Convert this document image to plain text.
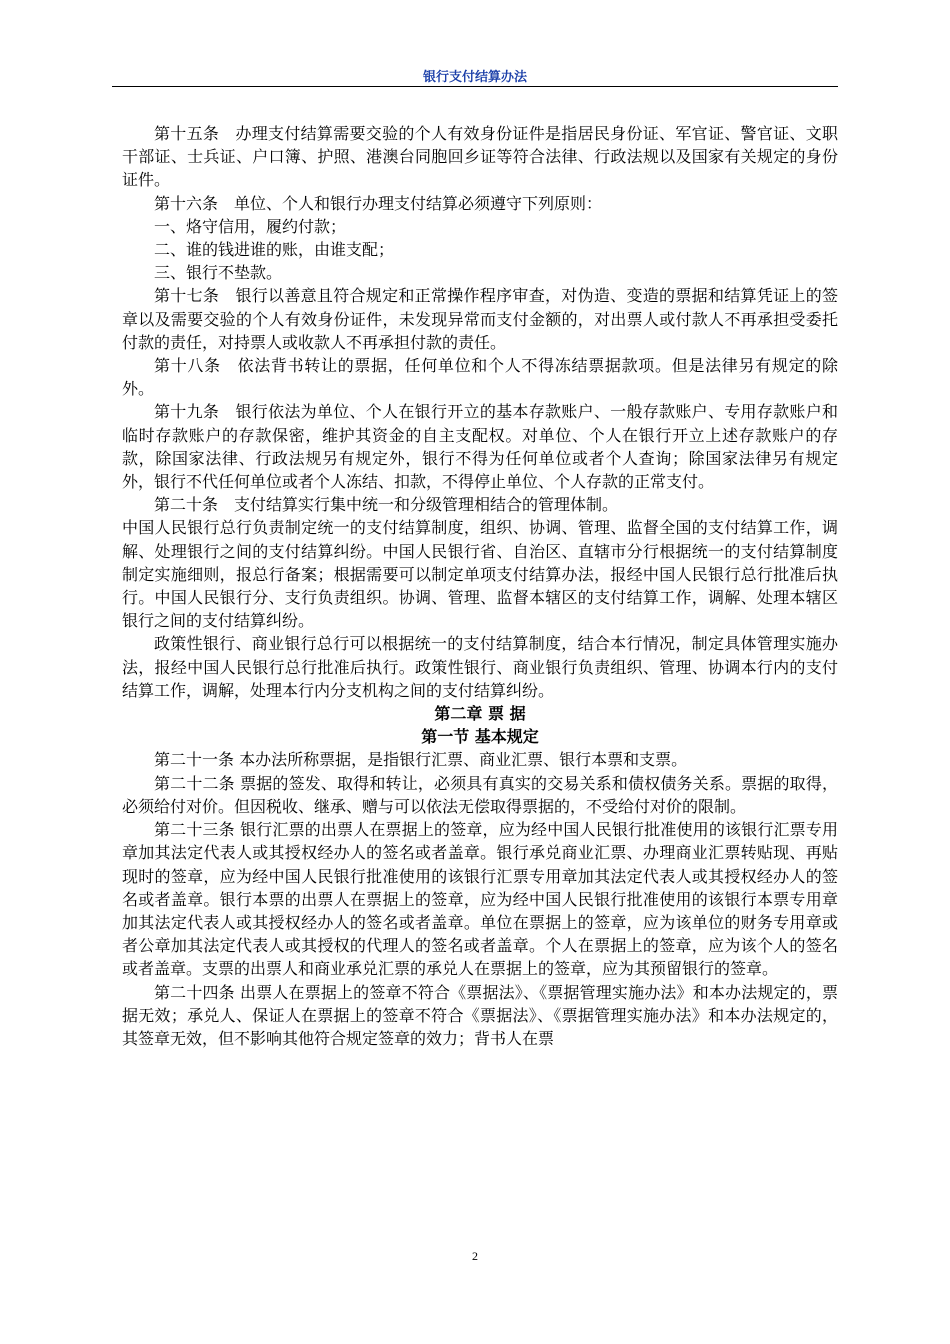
银行支付结算办法

第十五条　办理支付结算需要交验的个人有效身份证件是指居民身份证、军官证、警官证、文职干部证、士兵证、户口簿、护照、港澳台同胞回乡证等符合法律、行政法规以及国家有关规定的身份证件。

第十六条　单位、个人和银行办理支付结算必须遵守下列原则：

一、烙守信用，履约付款；

二、谁的钱进谁的账，由谁支配；

三、银行不垫款。

第十七条　银行以善意且符合规定和正常操作程序审查，对伪造、变造的票据和结算凭证上的签章以及需要交验的个人有效身份证件，未发现异常而支付金额的，对出票人或付款人不再承担受委托付款的责任，对持票人或收款人不再承担付款的责任。

第十八条　依法背书转让的票据，任何单位和个人不得冻结票据款项。但是法律另有规定的除外。

第十九条　银行依法为单位、个人在银行开立的基本存款账户、一般存款账户、专用存款账户和临时存款账户的存款保密，维护其资金的自主支配权。对单位、个人在银行开立上述存款账户的存款，除国家法律、行政法规另有规定外，银行不得为任何单位或者个人查询；除国家法律另有规定外，银行不代任何单位或者个人冻结、扣款，不得停止单位、个人存款的正常支付。

第二十条　支付结算实行集中统一和分级管理相结合的管理体制。

中国人民银行总行负责制定统一的支付结算制度，组织、协调、管理、监督全国的支付结算工作，调解、处理银行之间的支付结算纠纷。中国人民银行省、自治区、直辖市分行根据统一的支付结算制度制定实施细则，报总行备案；根据需要可以制定单项支付结算办法，报经中国人民银行总行批准后执行。中国人民银行分、支行负责组织。协调、管理、监督本辖区的支付结算工作，调解、处理本辖区银行之间的支付结算纠纷。

政策性银行、商业银行总行可以根据统一的支付结算制度，结合本行情况，制定具体管理实施办法，报经中国人民银行总行批准后执行。政策性银行、商业银行负责组织、管理、协调本行内的支付结算工作，调解，处理本行内分支机构之间的支付结算纠纷。

第二章 票 据

第一节 基本规定

第二十一条 本办法所称票据，是指银行汇票、商业汇票、银行本票和支票。

第二十二条 票据的签发、取得和转让，必须具有真实的交易关系和债权债务关系。票据的取得，必须给付对价。但因税收、继承、赠与可以依法无偿取得票据的，不受给付对价的限制。

第二十三条 银行汇票的出票人在票据上的签章，应为经中国人民银行批准使用的该银行汇票专用章加其法定代表人或其授权经办人的签名或者盖章。银行承兑商业汇票、办理商业汇票转贴现、再贴现时的签章，应为经中国人民银行批准使用的该银行汇票专用章加其法定代表人或其授权经办人的签名或者盖章。银行本票的出票人在票据上的签章，应为经中国人民银行批准使用的该银行本票专用章加其法定代表人或其授权经办人的签名或者盖章。单位在票据上的签章，应为该单位的财务专用章或者公章加其法定代表人或其授权的代理人的签名或者盖章。个人在票据上的签章，应为该个人的签名或者盖章。支票的出票人和商业承兑汇票的承兑人在票据上的签章，应为其预留银行的签章。

第二十四条 出票人在票据上的签章不符合《票据法》、《票据管理实施办法》和本办法规定的，票据无效；承兑人、保证人在票据上的签章不符合《票据法》、《票据管理实施办法》和本办法规定的，其签章无效，但不影响其他符合规定签章的效力；背书人在票

2
